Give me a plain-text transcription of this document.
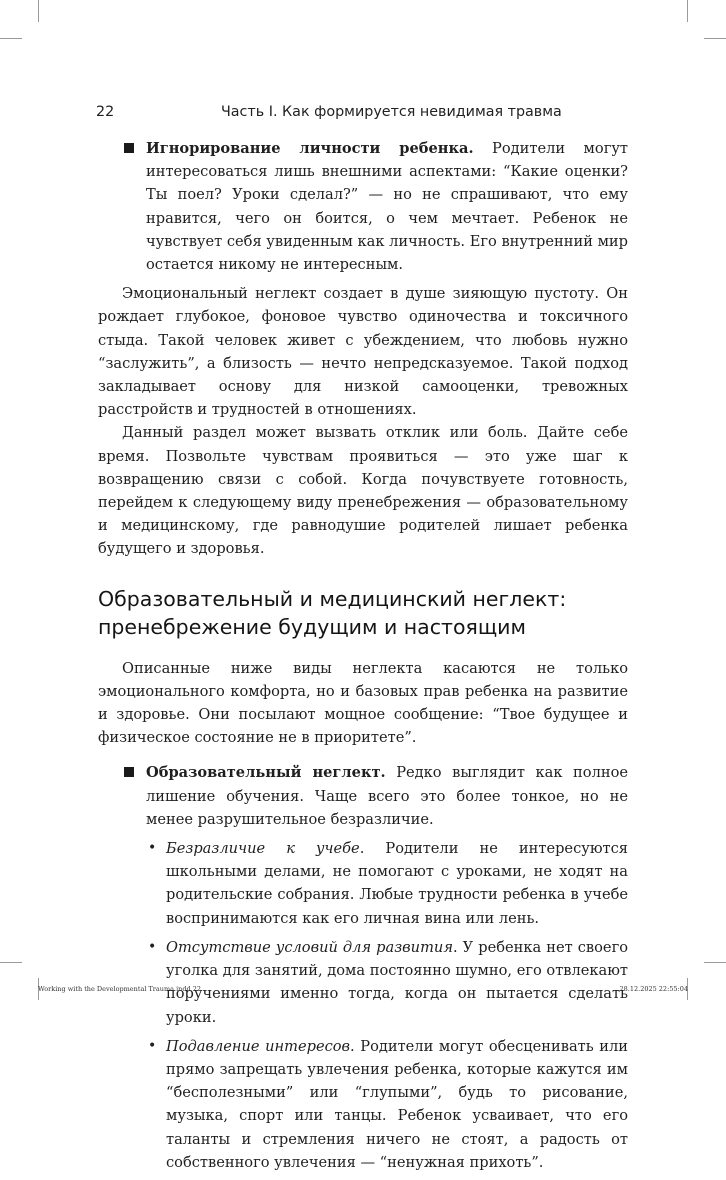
22	Часть I. Как формируется невидимая травма

Игнорирование личности ребенка. Родители могут интересоваться лишь внешними аспектами: “Какие оценки? Ты поел? Уроки сделал?” — но не спрашивают, что ему нравится, чего он боится, о чем мечтает. Ребенок не чувствует себя увиденным как личность. Его внутренний мир остается никому не интересным.

Эмоциональный неглект создает в душе зияющую пустоту. Он рождает глубокое, фоновое чувство одиночества и токсичного стыда. Такой человек живет с убеждением, что любовь нужно “заслужить”, а близость — нечто непредсказуемое. Такой подход закладывает основу для низкой самооценки, тревожных расстройств и трудностей в отношениях.

Данный раздел может вызвать отклик или боль. Дайте себе время. Позвольте чувствам проявиться — это уже шаг к возвращению связи с собой. Когда почувствуете готовность, перейдем к следующему виду пренебрежения — образовательному и медицинскому, где равнодушие родителей лишает ребенка будущего и здоровья.

Образовательный и медицинский неглект:
пренебрежение будущим и настоящим

Описанные ниже виды неглекта касаются не только эмоционального комфорта, но и базовых прав ребенка на развитие и здоровье. Они посылают мощное сообщение: “Твое будущее и физическое состояние не в приоритете”.

Образовательный неглект. Редко выглядит как полное лишение обучения. Чаще всего это более тонкое, но не менее разрушительное безразличие.

• Безразличие к учебе. Родители не интересуются школьными делами, не помогают с уроками, не ходят на родительские собрания. Любые трудности ребенка в учебе воспринимаются как его личная вина или лень.

• Отсутствие условий для развития. У ребенка нет своего уголка для занятий, дома постоянно шумно, его отвлекают поручениями именно тогда, когда он пытается сделать уроки.

• Подавление интересов. Родители могут обесценивать или прямо запрещать увлечения ребенка, которые кажутся им “бесполезными” или “глупыми”, будь то рисование, музыка, спорт или танцы. Ребенок усваивает, что его таланты и стремления ничего не стоят, а радость от собственного увлечения — “ненужная прихоть”.

Working with the Developmental Trauma.indd 22	28.12.2025 22:55:04
